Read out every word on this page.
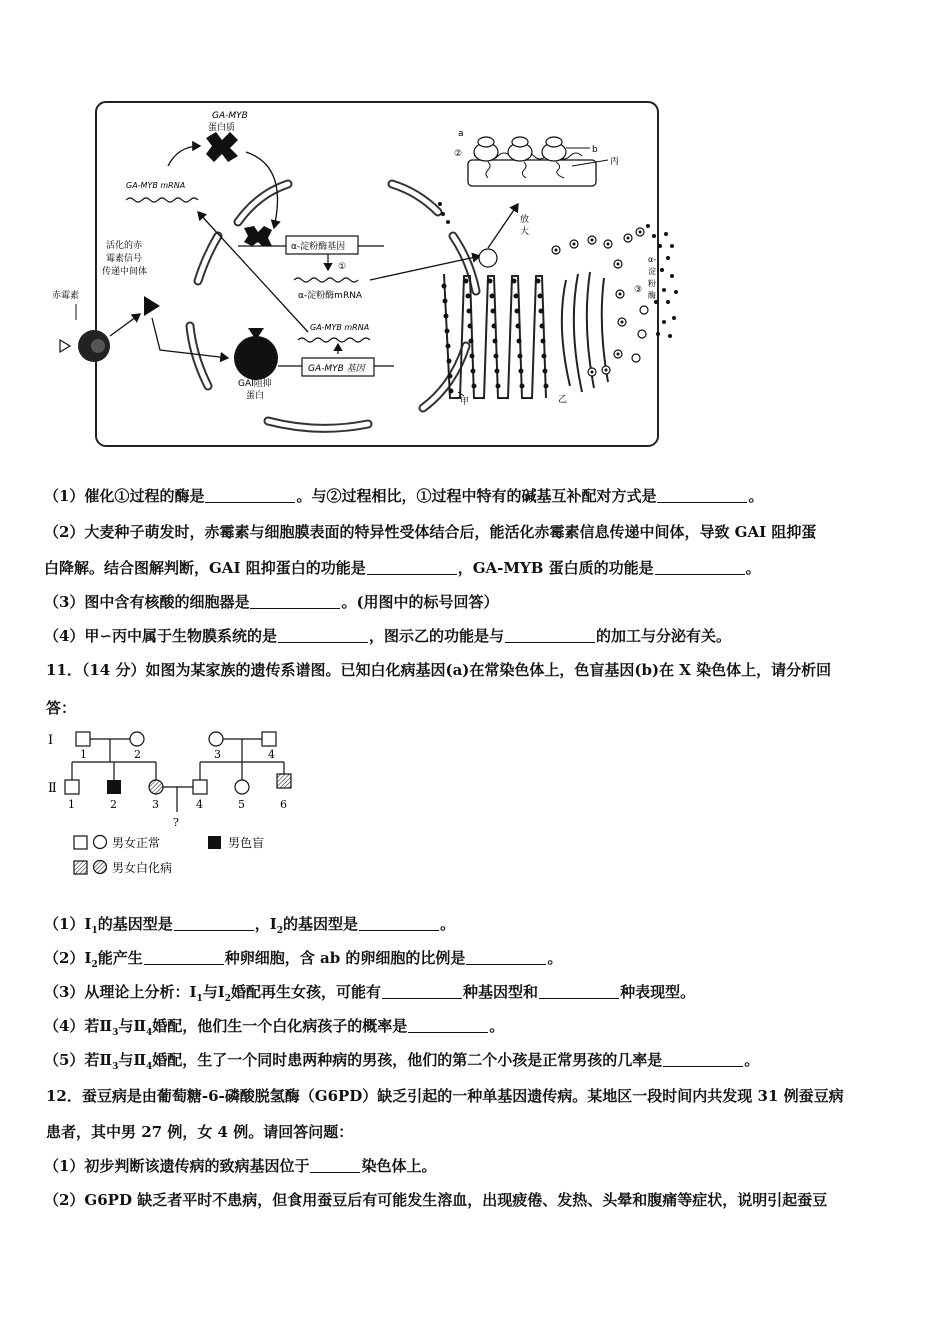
GA-MYB
蛋白质
GA-MYB mRNA
活化的赤
霉素信号
传递中间体
赤霉素
GAI阻抑
蛋白
α-淀粉酶基因
①
α-淀粉酶mRNA
GA-MYB mRNA
GA-MYB 基因
甲	乙
③
α-
淀
粉
酶
放
大
a
②	b
丙
（1）催化①过程的酶是	。与②过程相比，①过程中特有的碱基互补配对方式是	。
（2）大麦种子萌发时，赤霉素与细胞膜表面的特异性受体结合后，能活化赤霉素信息传递中间体，导致 GAI 阻抑蛋
白降解。结合图解判断，GAI 阻抑蛋白的功能是	，GA-MYB 蛋白质的功能是	。
（3）图中含有核酸的细胞器是	。(用图中的标号回答）
（4）甲∽丙中属于生物膜系统的是	，图示乙的功能是与	的加工与分泌有关。
11．（14 分）如图为某家族的遗传系谱图。已知白化病基因(a)在常染色体上，色盲基因(b)在 X 染色体上，请分析回
答：
Ⅰ
Ⅱ
1	2	3	4
?
1	2	3	4	5	6
男女正常	男色盲
男女白化病
$(1)Ⅰ_1$的基因型是	，$Ⅰ_2$的基因型是	。
$(2)Ⅰ_2$能产生	种卵细胞，含 ab 的卵细胞的比例是	。
（3）从理论上分析：$Ⅰ_1$与$Ⅰ_2$婚配再生女孩，可能有	种基因型和	种表现型。
（4）若$Ⅱ_3$与$Ⅱ_4$婚配，他们生一个白化病孩子的概率是	。
（5）若$Ⅱ_3$与$Ⅱ_4$婚配，生了一个同时患两种病的男孩，他们的第二个小孩是正常男孩的几率是	。
12．蚕豆病是由葡萄糖-6-磷酸脱氢酶（G6PD）缺乏引起的一种单基因遗传病。某地区一段时间内共发现 31 例蚕豆病
患者，其中男 27 例，女 4 例。请回答问题：
（1）初步判断该遗传病的致病基因位于	染色体上。
（2）G6PD 缺乏者平时不患病，但食用蚕豆后有可能发生溶血，出现疲倦、发热、头晕和腹痛等症状，说明引起蚕豆
